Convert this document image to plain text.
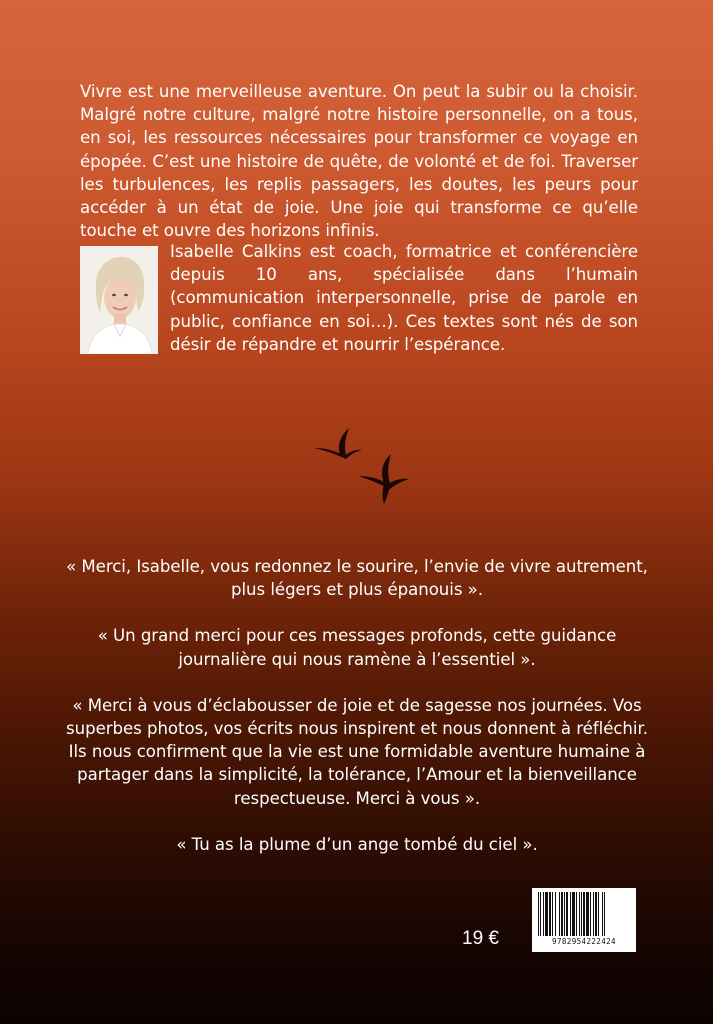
Vivre est une merveilleuse aventure. On peut la subir ou la choisir. Malgré notre culture, malgré notre histoire personnelle, on a tous, en soi, les ressources nécessaires pour transformer ce voyage en épopée. C’est une histoire de quête, de volonté et de foi. Traverser les turbulences, les replis passagers, les doutes, les peurs pour accéder à un état de joie. Une joie qui transforme ce qu’elle touche et ouvre des horizons infinis.
Isabelle Calkins est coach, formatrice et conférencière depuis 10 ans, spécialisée dans l’humain (communication interpersonnelle, prise de parole en public, confiance en soi…). Ces textes sont nés de son désir de répandre et nourrir l’espérance.

« Merci, Isabelle, vous redonnez le sourire, l’envie de vivre autrement, plus légers et plus épanouis ».

« Un grand merci pour ces messages profonds, cette guidance journalière qui nous ramène à l’essentiel ».

« Merci à vous d’éclabousser de joie et de sagesse nos journées. Vos superbes photos, vos écrits nous inspirent et nous donnent à réfléchir. Ils nous confirment que la vie est une formidable aventure humaine à partager dans la simplicité, la tolérance, l’Amour et la bienveillance respectueuse. Merci à vous ».

« Tu as la plume d’un ange tombé du ciel ».

19 €	9782954222424
